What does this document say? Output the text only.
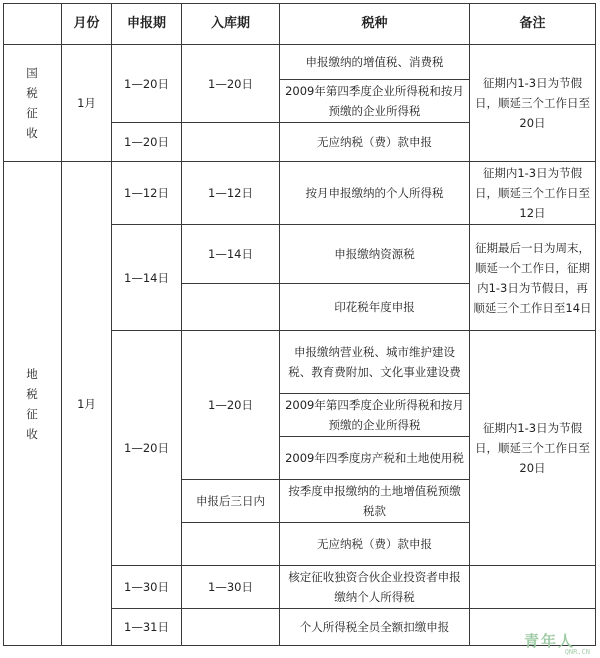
	月份	申报期	入库期	税种	备注
国税征收	1月	1—20日	1—20日	申报缴纳的增值税、消费税	征期内1-3日为节假日，顺延三个工作日至20日
				2009年第四季度企业所得税和按月预缴的企业所得税	
		1—20日		无应纳税（费）款申报	
地税征收	1月	1—12日	1—12日	按月申报缴纳的个人所得税	征期内1-3日为节假日，顺延三个工作日至12日
		1—14日	1—14日	申报缴纳资源税	征期最后一日为周末，顺延一个工作日，征期内1-3日为节假日，再顺延三个工作日至14日
				印花税年度申报	
		1—20日	1—20日	申报缴纳营业税、城市维护建设税、教育费附加、文化事业建设费	征期内1-3日为节假日，顺延三个工作日至20日
				2009年第四季度企业所得税和按月预缴的企业所得税	
				2009年四季度房产税和土地使用税	
			申报后三日内	按季度申报缴纳的土地增值税预缴税款	
				无应纳税（费）款申报	
		1—30日	1—30日	核定征收独资合伙企业投资者申报缴纳个人所得税	
		1—31日		个人所得税全员全额扣缴申报	
青年人
QNR.CN
